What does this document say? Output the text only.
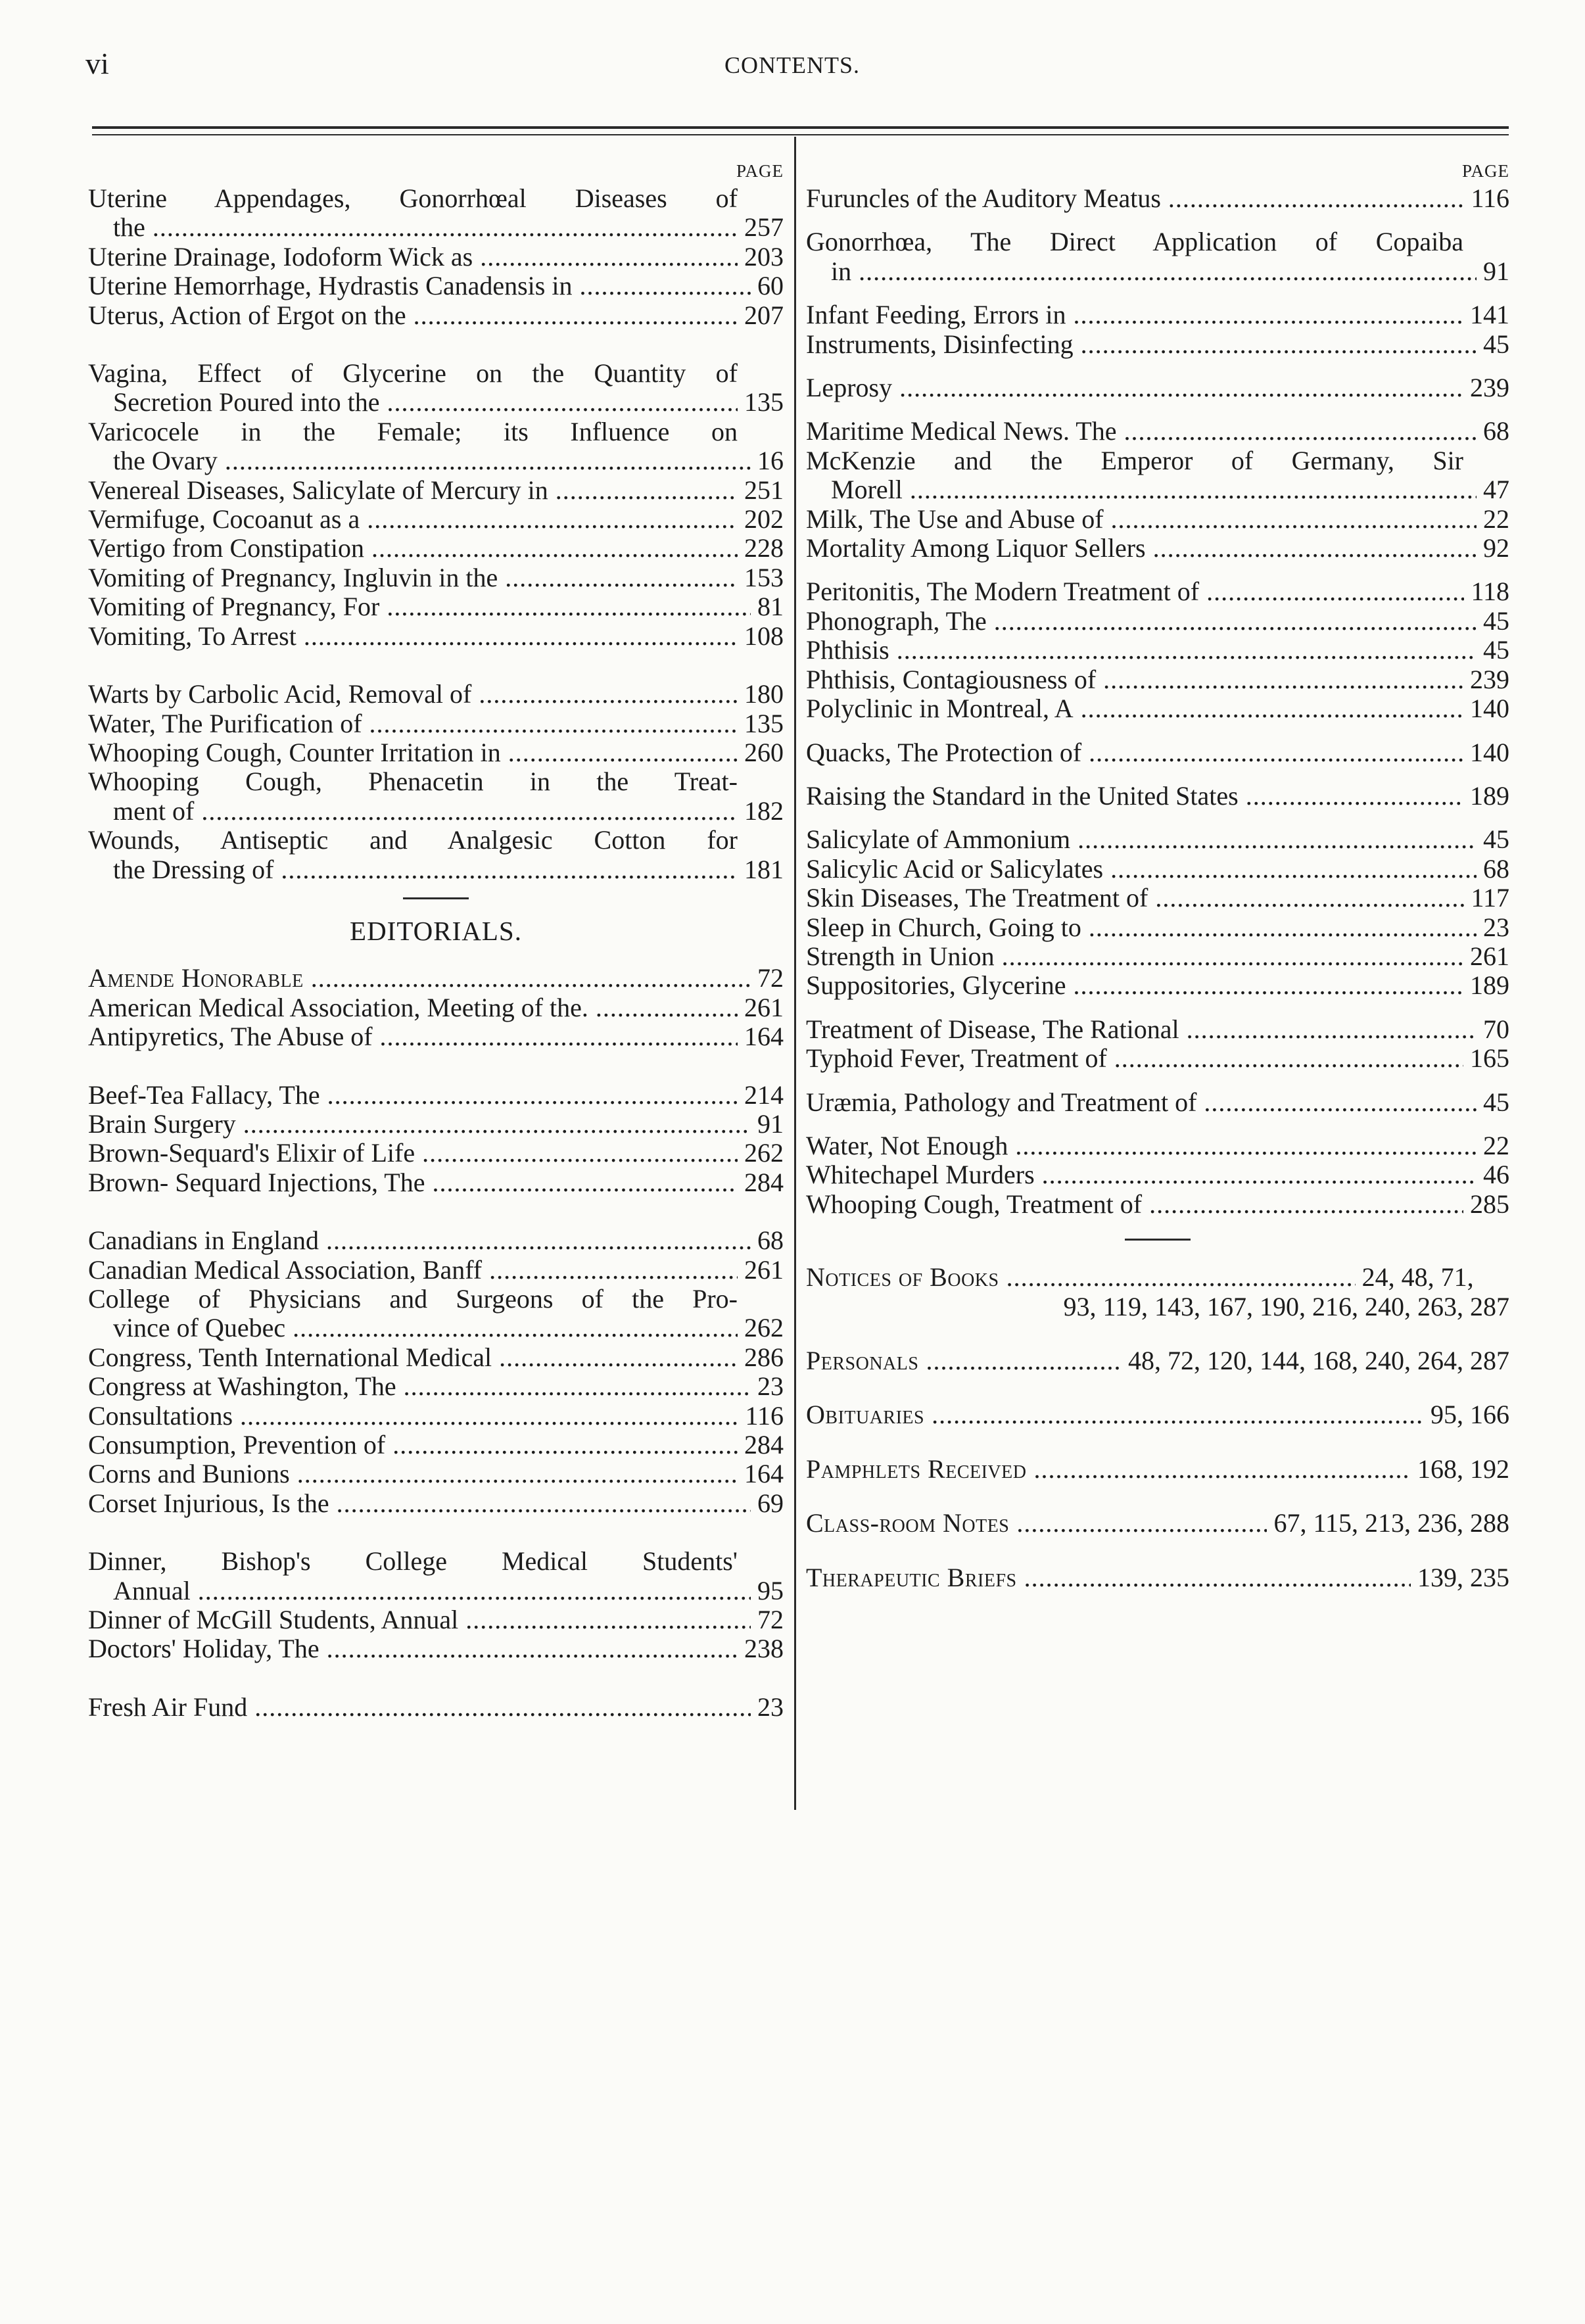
vi	CONTENTS.
PAGE
Uterine Appendages, Gonorrhœal Diseases of
the .....	257
Uterine Drainage, Iodoform Wick as .....	203
Uterine Hemorrhage, Hydrastis Canadensis in .....	60
Uterus, Action of Ergot on the .....	207
Vagina, Effect of Glycerine on the Quantity of
Secretion Poured into the .....	135
Varicocele in the Female; its Influence on
the Ovary .....	16
Venereal Diseases, Salicylate of Mercury in .....	251
Vermifuge, Cocoanut as a .....	202
Vertigo from Constipation .....	228
Vomiting of Pregnancy, Ingluvin in the .....	153
Vomiting of Pregnancy, For .....	81
Vomiting, To Arrest .....	108
Warts by Carbolic Acid, Removal of .....	180
Water, The Purification of .....	135
Whooping Cough, Counter Irritation in .....	260
Whooping Cough, Phenacetin in the Treat-
ment of .....	182
Wounds, Antiseptic and Analgesic Cotton for
the Dressing of .....	181
EDITORIALS.
Amende Honorable .....	72
American Medical Association, Meeting of the. .....	261
Antipyretics, The Abuse of .....	164
Beef-Tea Fallacy, The .....	214
Brain Surgery .....	91
Brown-Sequard's Elixir of Life .....	262
Brown- Sequard Injections, The .....	284
Canadians in England .....	68
Canadian Medical Association, Banff .....	261
College of Physicians and Surgeons of the Pro-
vince of Quebec .....	262
Congress, Tenth International Medical .....	286
Congress at Washington, The .....	23
Consultations .....	116
Consumption, Prevention of .....	284
Corns and Bunions .....	164
Corset Injurious, Is the .....	69
Dinner, Bishop's College Medical Students'
Annual .....	95
Dinner of McGill Students, Annual .....	72
Doctors' Holiday, The .....	238
Fresh Air Fund .....	23
PAGE
Furuncles of the Auditory Meatus .....	116
Gonorrhœa, The Direct Application of Copaiba
in .....	91
Infant Feeding, Errors in .....	141
Instruments, Disinfecting .....	45
Leprosy .....	239
Maritime Medical News. The .....	68
McKenzie and the Emperor of Germany, Sir
Morell .....	47
Milk, The Use and Abuse of .....	22
Mortality Among Liquor Sellers .....	92
Peritonitis, The Modern Treatment of .....	118
Phonograph, The .....	45
Phthisis .....	45
Phthisis, Contagiousness of .....	239
Polyclinic in Montreal, A .....	140
Quacks, The Protection of .....	140
Raising the Standard in the United States .....	189
Salicylate of Ammonium .....	45
Salicylic Acid or Salicylates .....	68
Skin Diseases, The Treatment of .....	117
Sleep in Church, Going to .....	23
Strength in Union .....	261
Suppositories, Glycerine .....	189
Treatment of Disease, The Rational .....	70
Typhoid Fever, Treatment of .....	165
Uræmia, Pathology and Treatment of .....	45
Water, Not Enough .....	22
Whitechapel Murders .....	46
Whooping Cough, Treatment of .....	285
Notices of Books .....	24, 48, 71,
93, 119, 143, 167, 190, 216, 240, 263, 287
Personals .....	48, 72, 120, 144, 168, 240, 264, 287
Obituaries .....	95, 166
Pamphlets Received .....	168, 192
Class-room Notes .....	67, 115, 213, 236, 288
Therapeutic Briefs .....	139, 235
